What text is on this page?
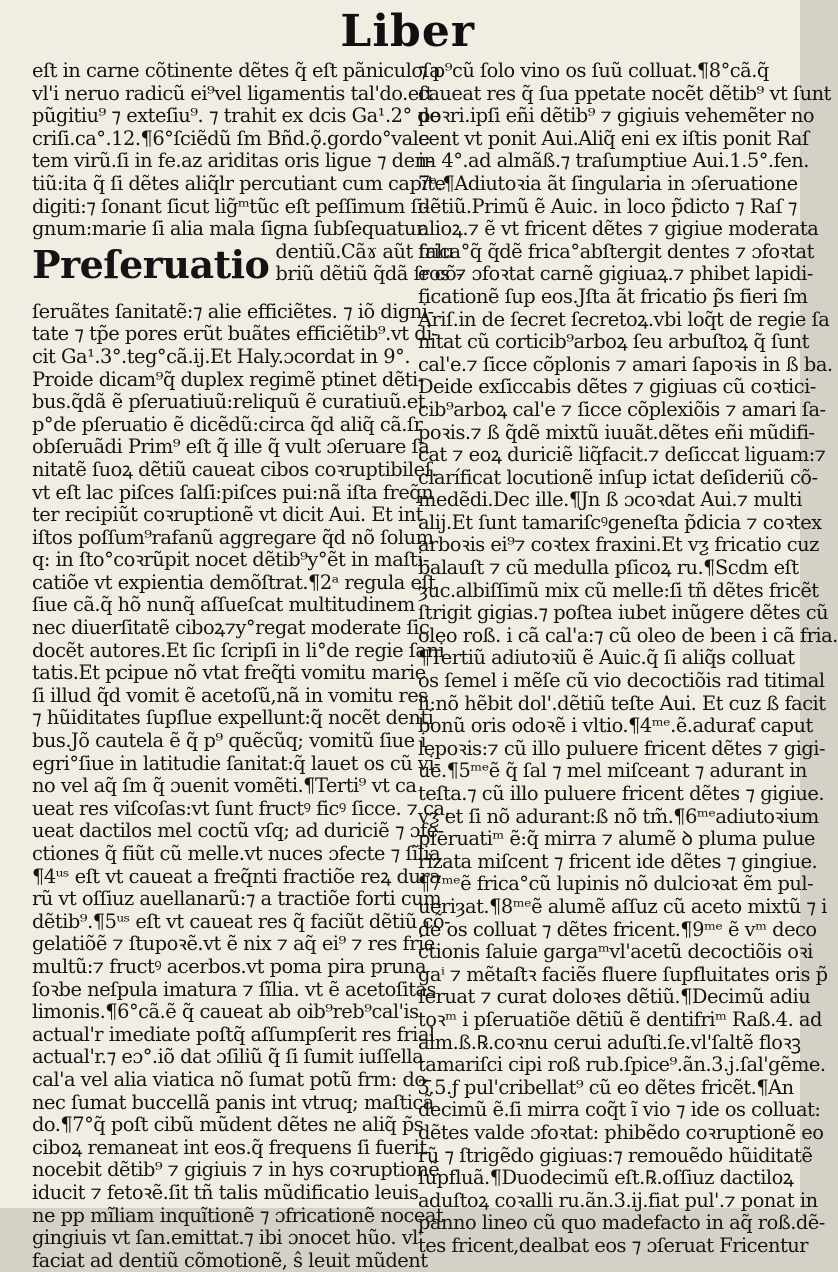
Liber
eſt in carne cõtinente dẽtes q̃ eſt pãniculoſa
vl'i neruo radicũ ei⁹vel ligamentis tal'do.eſt
pũgitiu⁹ ⁊ exteſiu⁹. ⁊ trahit ex dcis Ga¹.2° de
criſi.ca°.12.¶6°ſciẽdũ ſm Bñd.ǫ̃.gordo°vale
tem virũ.ſi in fe.az ariditas oris ligue ⁊ den-
tiũ:ita q̃ ſi dẽtes aliq̃lr percutiant cum capite
digiti:⁊ ſonant ſicut lig̃ᵐtũc eſt peſſimum ſi-
gnum:marie ſi alia mala ſigna ſubſequatur.
Preſeruatio dentiũ.Cãɤ aũt ſalu
briũ dẽtiũ q̃dã ſr cõ-
ſeruãtes ſanitatẽ:⁊ alie efficiẽtes. ⁊ iõ digni-
tate ⁊ tp̃e pores erũt buãtes efficiẽtib⁹.vt di-
cit Ga¹.3°.teg°cã.ij.Et Haly.ɔcordat in 9°.
Proide dicam⁹q̃ duplex regimẽ ptinet dẽti-
bus.q̃dã ẽ pſeruatiuũ:reliquũ ẽ curatiuũ.et
p°de pſeruatio ẽ dicẽdũ:circa q̃d aliq̃ cã.ſr
obſeruãdi Prim⁹ eſt q̃ ille q̃ vult ɔſeruare ſa
nitatẽ ſuoꝝ dẽtiũ caueat cibos coꝛruptibileſ.
vt eſt lac piſces ſalſi:piſces pui:nã iſta freq̃n
ter recipiũt coꝛruptionẽ vt dicit Aui. Et int
iſtos poſſum⁹rafanũ aggregare q̃d nõ ſolum
q: in ſto°coꝛrũpit nocet dẽtib⁹y°ẽt in maſti-
catiõe vt expientia demõſtrat.¶2ᵃ regula eſt
ſiue cã.q̃ hõ nunq̃ aſſueſcat multitudinem
nec diuerſitatẽ ciboꝝ⁊y°regat moderate ſic
docẽt autores.Et ſic ſcripſi in li°de regie ſani
tatis.Et pcipue nõ vtat freq̃ti vomitu marie
ſi illud q̃d vomit ẽ acetoſũ,nã in vomitu res
⁊ hũiditates ſupſlue expellunt:q̃ nocẽt denti
bus.Jõ cautela ẽ q̃ p⁹ quẽcũq; vomitũ ſiue i
egri°ſiue in latitudie ſanitat:q̃ lauet os cũ vi-
no vel aq̃ ſm q̃ ɔuenit vomẽti.¶Terti⁹ vt ca
ueat res viſcoſas:vt ſunt fructꝰ ficꝰ ſicce. ⁊ ca.
ueat dactilos mel coctũ vſq; ad duriciẽ ⁊ ɔfe-
ctiones q̃ fiũt cũ melle.vt nuces ɔfecte ⁊ ſĩlia
¶4ᵘˢ eſt vt caueat a freq̃nti fractiõe reꝝ dura
rũ vt oſſiuz auellanarũ:⁊ a tractiõe forti cum
dẽtib⁹.¶5ᵘˢ eſt vt caueat res q̃ faciũt dẽtiũ cõ-
gelatiõẽ ⁊ ſtupoꝛẽ.vt ẽ nix ⁊ aq̃ ei⁹ ⁊ res frie
multũ:⁊ fructꝰ acerbos.vt poma pira pruna
ſoꝛbe neſpula imatura ⁊ ſĩlia. vt ẽ acetoſitas
limonis.¶6°cã.ẽ q̃ caueat ab oib⁹reb⁹cal'is
actual'r imediate poſtq̃ aſſumpſerit res frial
actual'r.⁊ eɔ°.iõ dat ɔſiliũ q̃ ſi ſumit iuſſella
cal'a vel alia viatica nõ ſumat potũ frm: do-
nec ſumat buccellã panis int vtruq; maſticã
do.¶7°q̃ poſt cibũ mũdent dẽtes ne aliq̃ p̃s
ciboꝝ remaneat int eos.q̃ frequens ſi fuerit
nocebit dẽtib⁹ ⁊ gigiuis ⁊ in hys coꝛruptionẽ
iducit ⁊ fetoꝛẽ.ſit tñ talis mũdificatio leuis
ne pp mĩliam inquĩtionẽ ⁊ ɔfricationẽ noceat
gingiuis vt ſan.emittat.⁊ ibi ɔnocet hũo. vl'
faciat ad dentiũ cõmotionẽ, ŝ leuit mũdent
⁊ p⁹cũ ſolo vino os ſuũ colluat.¶8°cã.q̃
caueat res q̃ ſua ppetate nocẽt dẽtib⁹ vt ſunt
poꝛri.ipſi eñi dẽtib⁹ ⁊ gigiuis vehemẽter no
cent vt ponit Aui.Aliq̃ eni ex iſtis ponit Raſ
in 4°.ad almãß.⁊ traſumptiue Aui.1.5°.fen.
7ᵃ.¶Adiutoꝛia ãt ſingularia in ɔſeruatione
dẽtiũ.Primũ ẽ Auic. in loco p̃dicto ⁊ Raſ ⁊
alioꝝ.⁊ ẽ vt fricent dẽtes ⁊ gigiue moderata
frica°q̃ q̃dẽ frica°abſtergit dentes ⁊ ɔfoꝛtat
eos ⁊ ɔfoꝛtat carnẽ gigiuaꝝ.⁊ phibet lapidi-
ficationẽ ſup eos.Jſta ãt fricatio p̃s fieri ſm
Ariſ.in de ſecret ſecretoꝝ.vbi loq̃t de regie ſa
nitat cũ corticib⁹arboꝝ ſeu arbuſtoꝝ q̃ ſunt
cal'e.⁊ ſicce cõplonis ⁊ amari ſapoꝛis in ß ba.
Deide exſiccabis dẽtes ⁊ gigiuas cũ coꝛtici-
cib⁹arboꝝ cal'e ⁊ ſicce cõplexiõis ⁊ amari ſa-
poꝛis.⁊ ß q̃dẽ mixtũ iuuãt.dẽtes eñi mũdifi-
cat ⁊ eoꝝ duriciẽ liq̃facit.⁊ deſiccat liguam:⁊
claríficat locutionẽ inſup ictat deſideriũ cõ-
medẽdi.Dec ille.¶Jn ß ɔcoꝛdat Aui.⁊ multi
alij.Et ſunt tamariſcꝰgeneſta p̃dicia ⁊ coꝛtex
arboꝛis ei⁹⁊ coꝛtex fraxini.Et vƺ fricatio cuz
balauſt ⁊ cũ medulla pſicoꝝ ru.¶Scdm eſt
ȝuc.albiſſimũ mix cũ melle:ſi tñ dẽtes fricẽt
ſtrigit gigias.⁊ poſtea iubet inũgere dẽtes cũ
oleo roß. i cã cal'a:⁊ cũ oleo de been i cã fria.
¶Tertiũ adiutoꝛiũ ẽ Auic.q̃ ſi aliq̃s colluat
os ſemel i mẽſe cũ vio decoctiõis rad titimal
li:nõ hẽbit dol'.dẽtiũ teſte Aui. Et cuz ß facit
bonũ oris odoꝛẽ i vltio.¶4ᵐᵉ.ẽ.aduraƭ caput
lepoꝛis:⁊ cũ illo puluere fricent dẽtes ⁊ gigi-
ue.¶5ᵐᵉẽ q̃ ſal ⁊ mel miſceant ⁊ adurant in
teſta.⁊ cũ illo puluere fricent dẽtes ⁊ gigiue.
vƺ et ſi nõ adurant:ß nõ tm̃.¶6ᵐᵉadiutoꝛium
pſeruatiᵐ ẽ:q̃ mirra ⁊ alumẽ ꝺ pluma pulue
rizata miſcent ⁊ fricent ide dẽtes ⁊ gingiue.
¶7ᵐᵉẽ frica°cũ lupinis nõ dulcioꝛat ẽm pul-
ueriȝat.¶8ᵐᵉẽ alumẽ aſſuz cũ aceto mixtũ ⁊ i
de os colluat ⁊ dẽtes fricent.¶9ᵐᵉ ẽ vᵐ deco
ctionis ſaluie gargaᵐvl'acetũ decoctiõis oꝛi
gaⁱ ⁊ mẽtaſtꝛ faciẽs fluere ſupfluitates oris p̃
ſeruat ⁊ curat doloꝛes dẽtiũ.¶Decimũ adiu
toꝛᵐ i pſeruatiõe dẽtiũ ẽ dentifriᵐ Raß.4. ad
alm.ß.℞.coꝛnu cerui aduſti.ſe.vl'ſaltẽ floꝛꝫ
tamariſci cipi roß rub.ſpice⁹.ãn.3.j.ſal'gẽme.
Ʒ.5.ƒ pul'cribellat⁹ cũ eo dẽtes fricẽt.¶An
decimũ ẽ.ſi mirra coq̃t ĩ vio ⁊ ide os colluat:
dẽtes valde ɔfoꝛtat: phibẽdo coꝛruptionẽ eo
rũ ⁊ ſtrigẽdo gigiuas:⁊ remouẽdo hũiditatẽ
ſupfluã.¶Duodecimũ eſt.℞.oſſiuz dactiloꝝ
aduſtoꝝ coꝛalli ru.ãn.3.ij.fiat pul'.⁊ ponat in
panno lineo cũ quo madefacto in aq̃ roß.dẽ-
tes fricent,dealbat eos ⁊ ɔſeruat Fricentur
